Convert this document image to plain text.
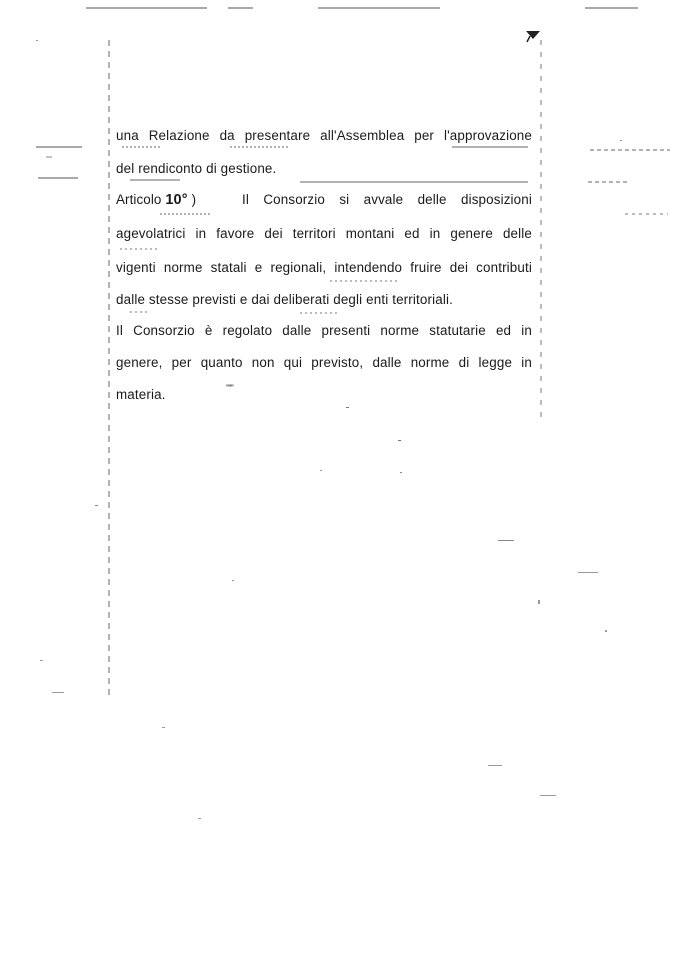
una Relazione da presentare all'Assemblea per l'approvazione
del rendiconto di gestione.
Articolo 10° )	Il Consorzio si avvale delle disposizioni
agevolatrici in favore dei territori montani ed in genere delle
vigenti norme statali e regionali, intendendo fruire dei contributi
dalle stesse previsti e dai deliberati degli enti territoriali.
Il Consorzio è regolato dalle presenti norme statutarie ed in
genere, per quanto non qui previsto, dalle norme di legge in
materia.	''''''
